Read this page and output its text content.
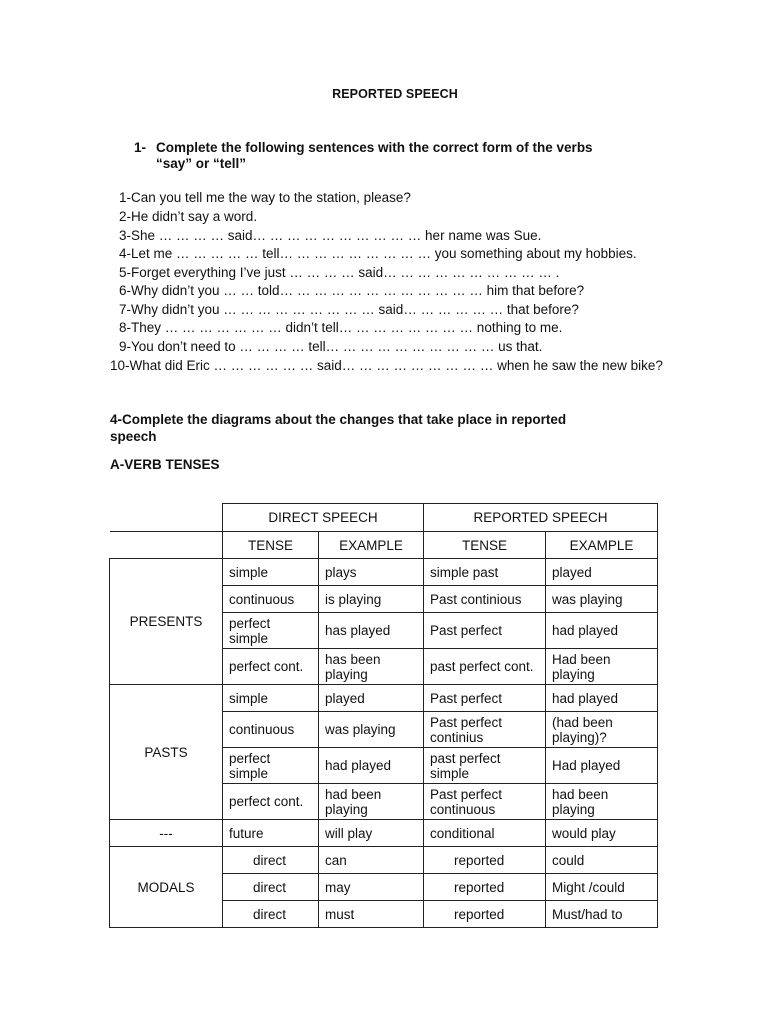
REPORTED SPEECH
1- Complete the following sentences with the correct form of the verbs
“say” or “tell”
1-Can you tell me the way to the station, please?
2-He didn’t say a word.
3-She … … … … said… … … … … … … … … … her name was Sue.
4-Let me … … … … … tell… … … … … … … … … you something about my hobbies.
5-Forget everything I’ve just … … … … said… … … … … … … … … … .
6-Why didn’t you … … told… … … … … … … … … … … … him that before?
7-Why didn’t you … … … … … … … … … said… … … … … … that before?
8-They … … … … … … … didn’t tell… … … … … … … … nothing to me.
9-You don’t need to … … … … tell… … … … … … … … … … us that.
10-What did Eric … … … … … … said… … … … … … … … … when he saw the new bike?
4-Complete the diagrams about the changes that take place in reported
speech
A-VERB TENSES
	DIRECT SPEECH		REPORTED SPEECH	
	TENSE	EXAMPLE	TENSE	EXAMPLE
PRESENTS	simple	plays	simple past	played
	continuous	is playing	Past continious	was playing
	perfect simple	has played	Past perfect	had played
	perfect cont.	has been playing	past perfect cont.	Had been playing
PASTS	simple	played	Past perfect	had played
	continuous	was playing	Past perfect continius	(had been playing)?
	perfect simple	had played	past perfect simple	Had played
	perfect cont.	had been playing	Past perfect continuous	had been playing
---	future	will play	conditional	would play
MODALS	direct	can	reported	could
	direct	may	reported	Might /could
	direct	must	reported	Must/had to
